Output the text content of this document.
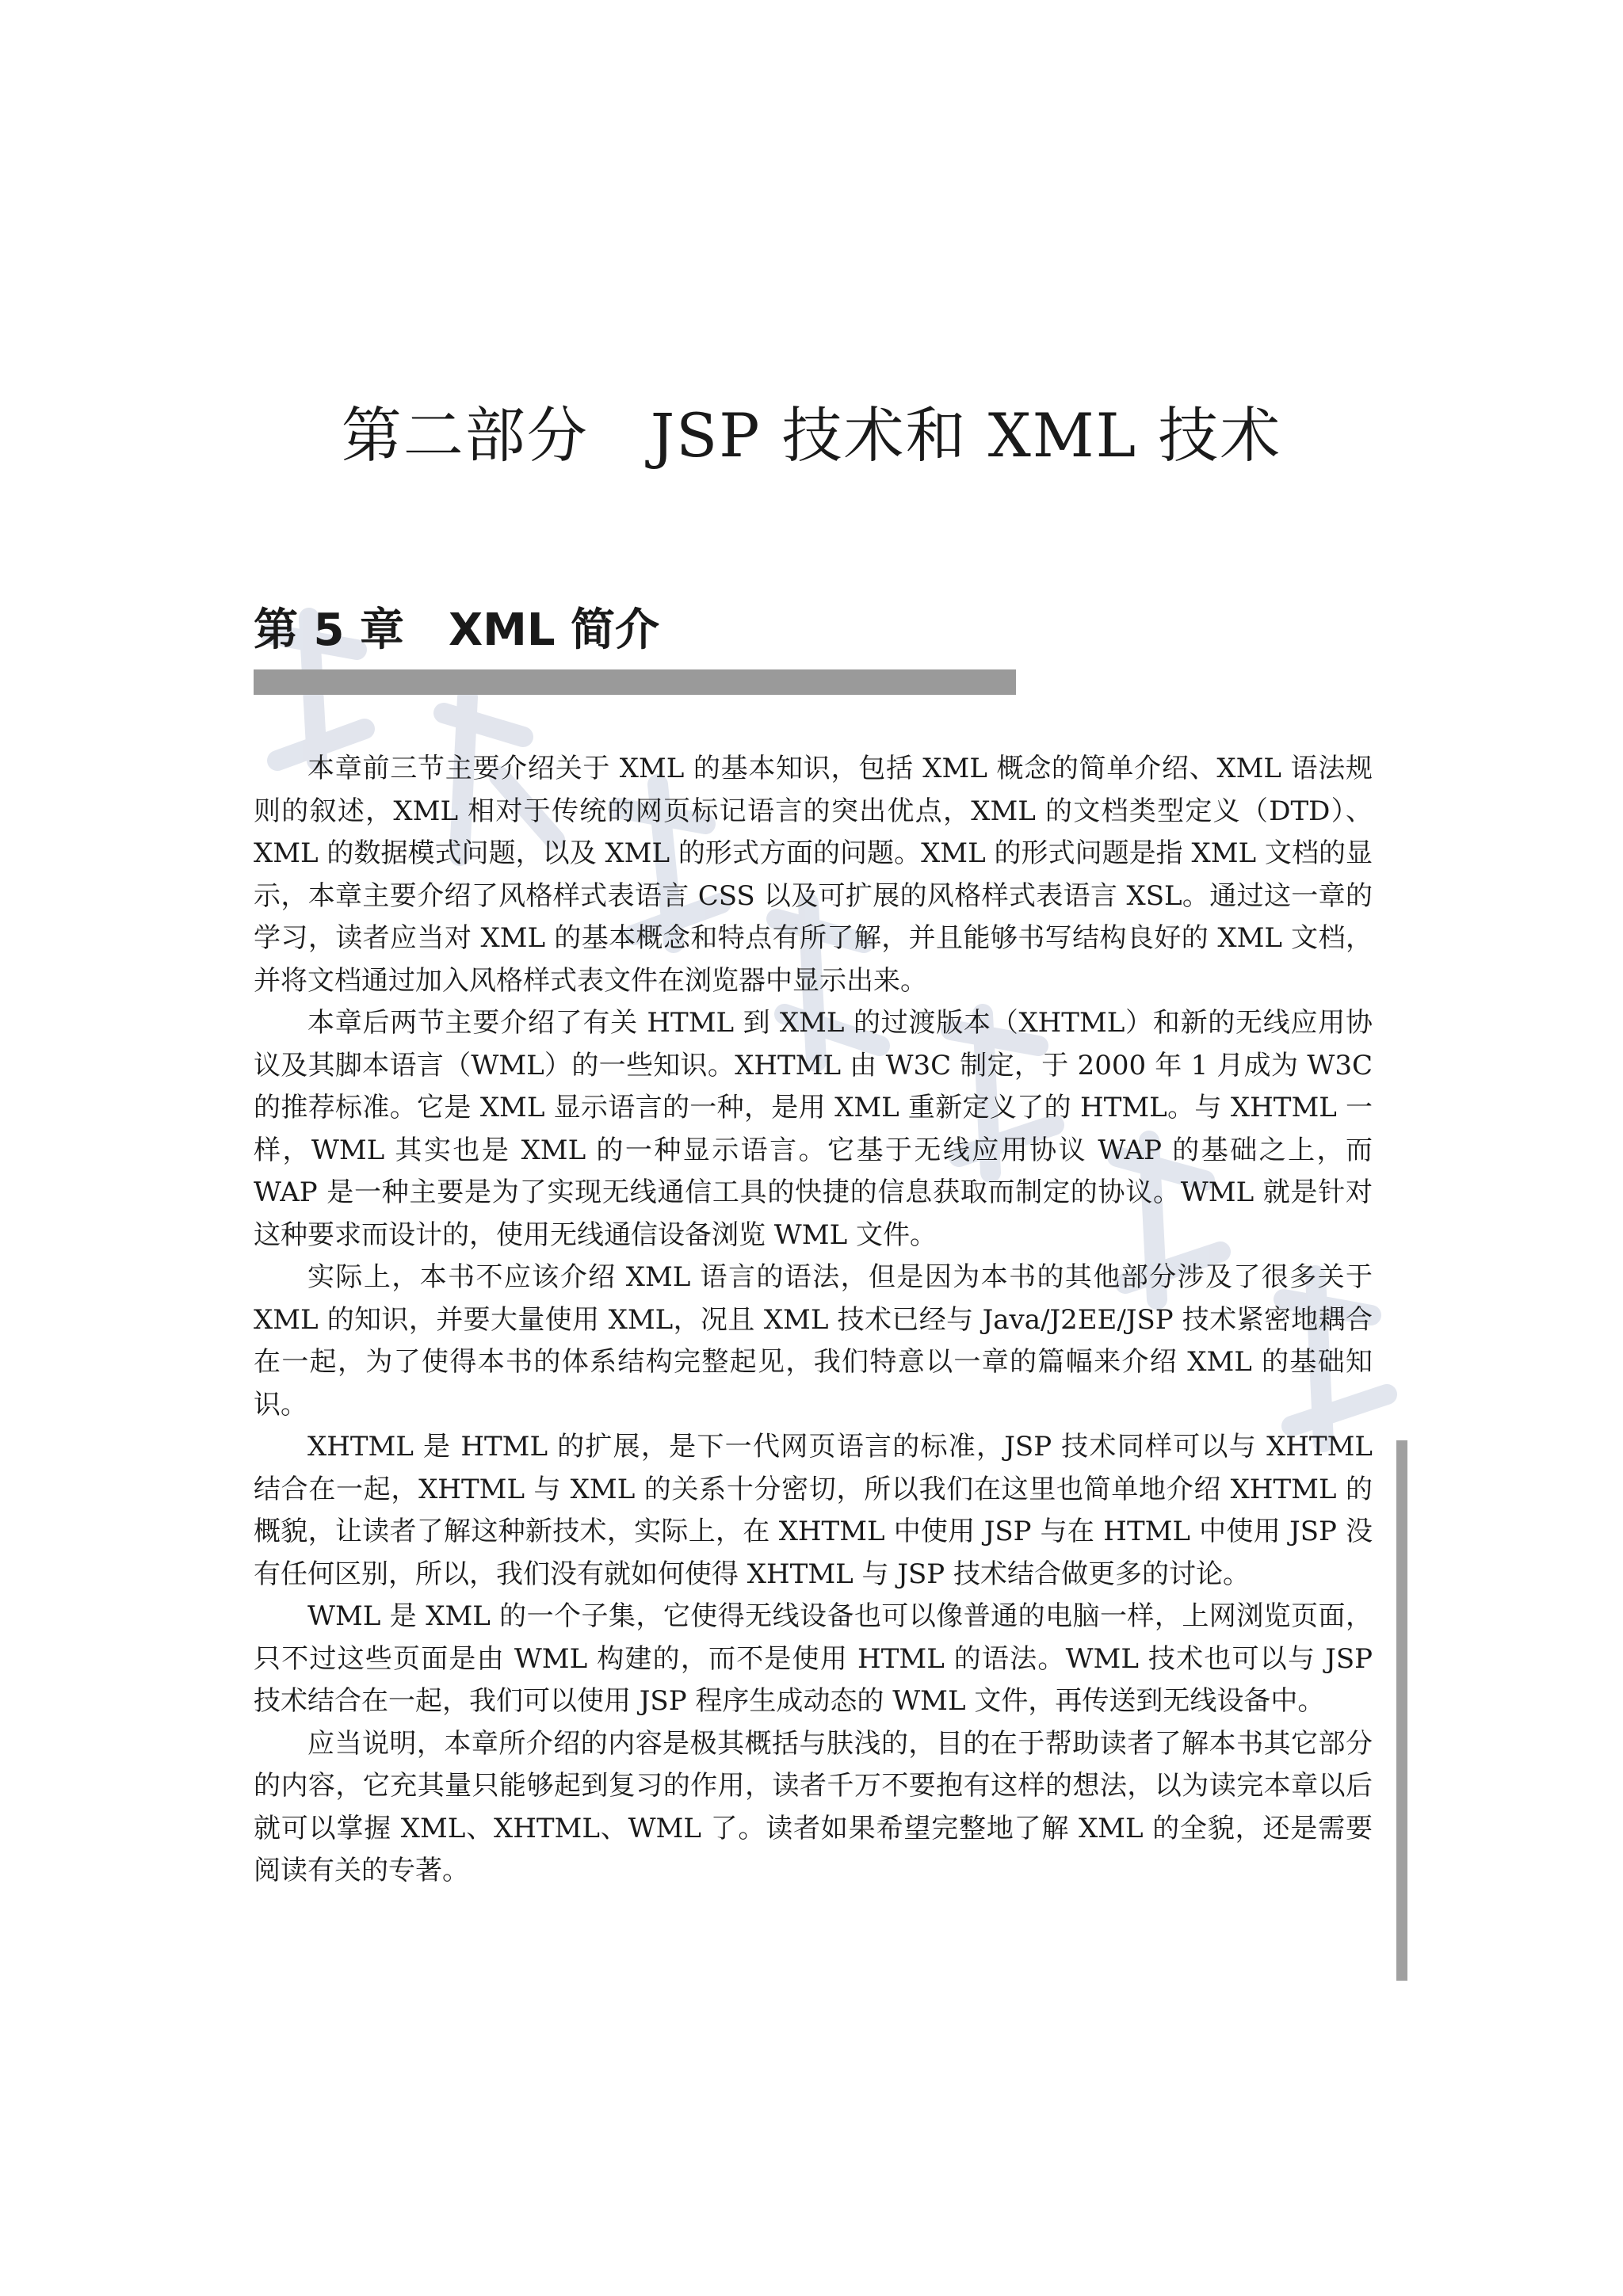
第二部分　JSP 技术和 XML 技术
第 5 章　XML 简介

本章前三节主要介绍关于 XML 的基本知识，包括 XML 概念的简单介绍、XML 语法规则的叙述，XML 相对于传统的网页标记语言的突出优点，XML 的文档类型定义（DTD）、XML 的数据模式问题，以及 XML 的形式方面的问题。XML 的形式问题是指 XML 文档的显示，本章主要介绍了风格样式表语言 CSS 以及可扩展的风格样式表语言 XSL。通过这一章的学习，读者应当对 XML 的基本概念和特点有所了解，并且能够书写结构良好的 XML 文档，并将文档通过加入风格样式表文件在浏览器中显示出来。

本章后两节主要介绍了有关 HTML 到 XML 的过渡版本（XHTML）和新的无线应用协议及其脚本语言（WML）的一些知识。XHTML 由 W3C 制定，于 2000 年 1 月成为 W3C 的推荐标准。它是 XML 显示语言的一种，是用 XML 重新定义了的 HTML。与 XHTML 一样，WML 其实也是 XML 的一种显示语言。它基于无线应用协议 WAP 的基础之上，而 WAP 是一种主要是为了实现无线通信工具的快捷的信息获取而制定的协议。WML 就是针对这种要求而设计的，使用无线通信设备浏览 WML 文件。

实际上，本书不应该介绍 XML 语言的语法，但是因为本书的其他部分涉及了很多关于 XML 的知识，并要大量使用 XML，况且 XML 技术已经与 Java/J2EE/JSP 技术紧密地耦合在一起，为了使得本书的体系结构完整起见，我们特意以一章的篇幅来介绍 XML 的基础知识。

XHTML 是 HTML 的扩展，是下一代网页语言的标准，JSP 技术同样可以与 XHTML 结合在一起，XHTML 与 XML 的关系十分密切，所以我们在这里也简单地介绍 XHTML 的概貌，让读者了解这种新技术，实际上，在 XHTML 中使用 JSP 与在 HTML 中使用 JSP 没有任何区别，所以，我们没有就如何使得 XHTML 与 JSP 技术结合做更多的讨论。

WML 是 XML 的一个子集，它使得无线设备也可以像普通的电脑一样，上网浏览页面，只不过这些页面是由 WML 构建的，而不是使用 HTML 的语法。WML 技术也可以与 JSP 技术结合在一起，我们可以使用 JSP 程序生成动态的 WML 文件，再传送到无线设备中。

应当说明，本章所介绍的内容是极其概括与肤浅的，目的在于帮助读者了解本书其它部分的内容，它充其量只能够起到复习的作用，读者千万不要抱有这样的想法，以为读完本章以后就可以掌握 XML、XHTML、WML 了。读者如果希望完整地了解 XML 的全貌，还是需要阅读有关的专著。
